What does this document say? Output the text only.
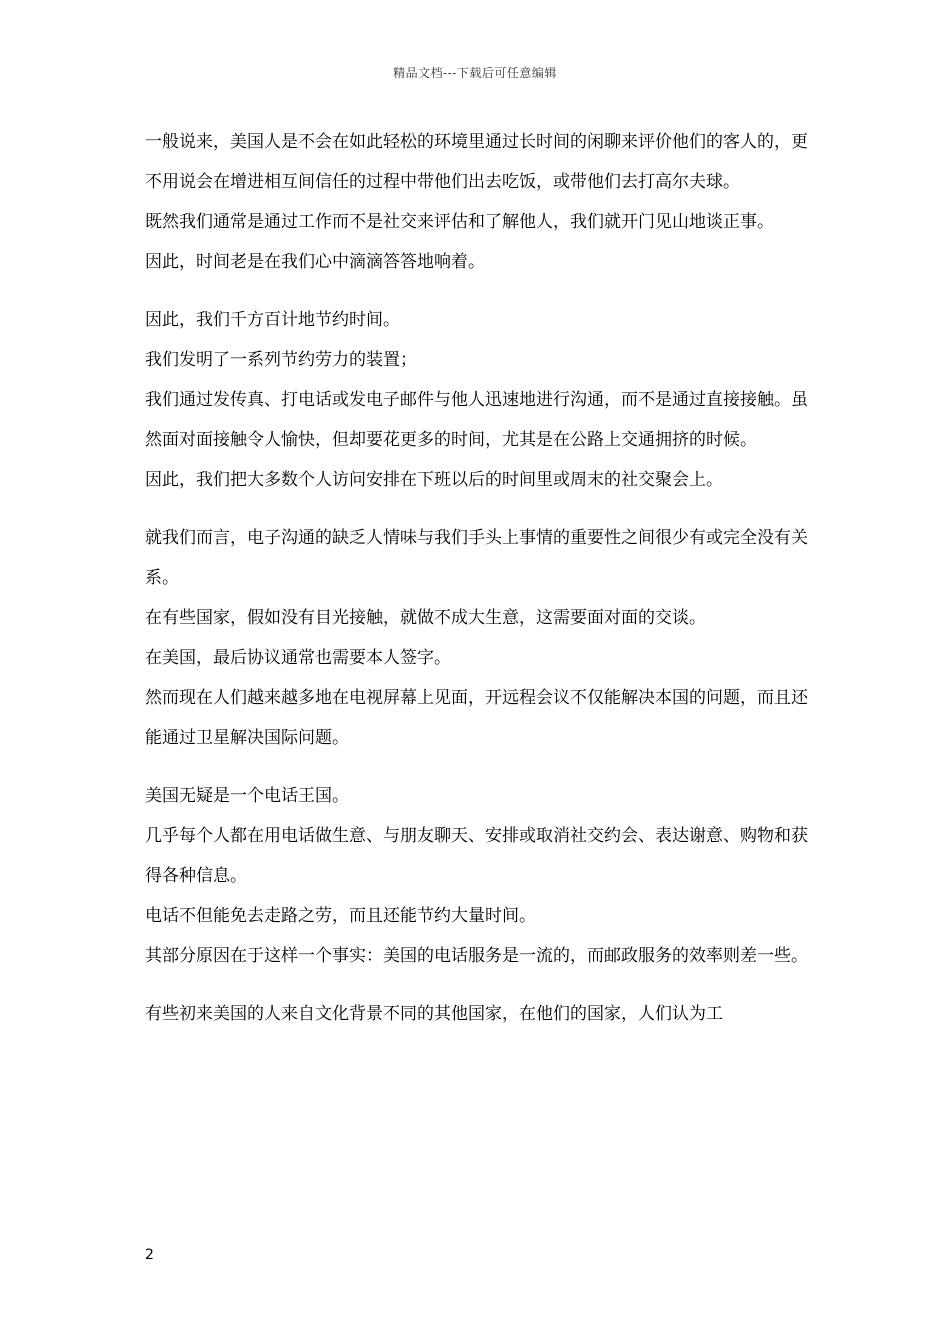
精品文档---下载后可任意编辑

一般说来，美国人是不会在如此轻松的环境里通过长时间的闲聊来评价他们的客人的，更不用说会在增进相互间信任的过程中带他们出去吃饭，或带他们去打高尔夫球。

既然我们通常是通过工作而不是社交来评估和了解他人，我们就开门见山地谈正事。

因此，时间老是在我们心中滴滴答答地响着。

因此，我们千方百计地节约时间。

我们发明了一系列节约劳力的装置；

我们通过发传真、打电话或发电子邮件与他人迅速地进行沟通，而不是通过直接接触。虽然面对面接触令人愉快，但却要花更多的时间，尤其是在公路上交通拥挤的时候。

因此，我们把大多数个人访问安排在下班以后的时间里或周末的社交聚会上。

就我们而言，电子沟通的缺乏人情味与我们手头上事情的重要性之间很少有或完全没有关系。

在有些国家，假如没有目光接触，就做不成大生意，这需要面对面的交谈。

在美国，最后协议通常也需要本人签字。

然而现在人们越来越多地在电视屏幕上见面，开远程会议不仅能解决本国的问题，而且还能通过卫星解决国际问题。

美国无疑是一个电话王国。

几乎每个人都在用电话做生意、与朋友聊天、安排或取消社交约会、表达谢意、购物和获得各种信息。

电话不但能免去走路之劳，而且还能节约大量时间。

其部分原因在于这样一个事实：美国的电话服务是一流的，而邮政服务的效率则差一些。

有些初来美国的人来自文化背景不同的其他国家，在他们的国家，人们认为工

2
